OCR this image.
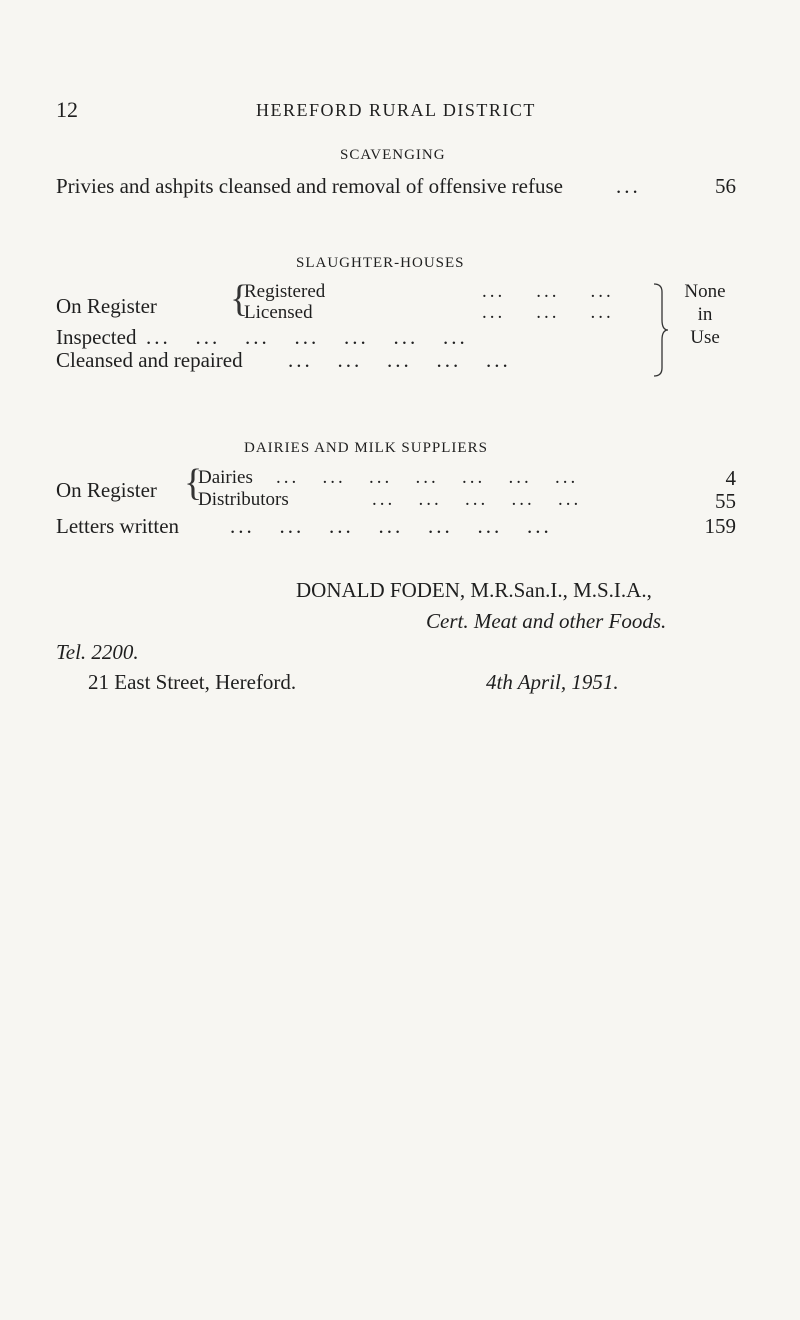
12	HEREFORD RURAL DISTRICT
SCAVENGING
Privies and ashpits cleansed and removal of offensive refuse	...	56
SLAUGHTER-HOUSES
On Register {
Registered	...    ...    ...
Licensed	...    ...    ...
Inspected ...   ...   ...   ...   ...   ...   ...
Cleansed and repaired ...   ...   ...   ...   ...
None
in
Use
DAIRIES AND MILK SUPPLIERS
On Register {
Dairies ...   ...   ...   ...   ...   ...   ...	4
Distributors	...   ...   ...   ...   ...	55
Letters written ...   ...   ...   ...   ...   ...   ...	159
DONALD FODEN, M.R.San.I., M.S.I.A.,
Cert. Meat and other Foods.
Tel. 2200.
21 East Street, Hereford.	4th April, 1951.
